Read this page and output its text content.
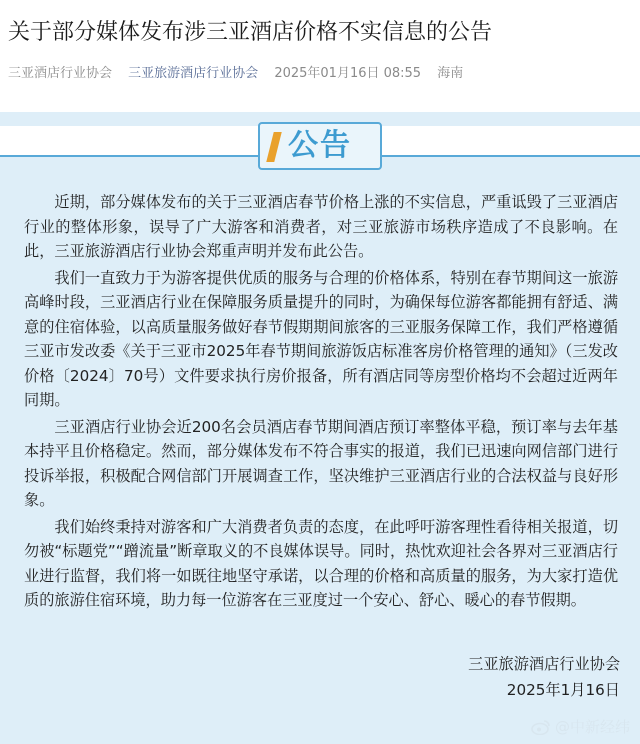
关于部分媒体发布涉三亚酒店价格不实信息的公告
三亚酒店行业协会 三亚旅游酒店行业协会 2025年01月16日 08:55 海南
公告

近期，部分媒体发布的关于三亚酒店春节价格上涨的不实信息，严重诋毁了三亚酒店行业的整体形象，误导了广大游客和消费者，对三亚旅游市场秩序造成了不良影响。在此，三亚旅游酒店行业协会郑重声明并发布此公告。

我们一直致力于为游客提供优质的服务与合理的价格体系，特别在春节期间这一旅游高峰时段，三亚酒店行业在保障服务质量提升的同时，为确保每位游客都能拥有舒适、满意的住宿体验，以高质量服务做好春节假期期间旅客的三亚服务保障工作，我们严格遵循三亚市发改委《关于三亚市2025年春节期间旅游饭店标准客房价格管理的通知》（三发改价格〔2024〕70号）文件要求执行房价报备，所有酒店同等房型价格均不会超过近两年同期。

三亚酒店行业协会近200名会员酒店春节期间酒店预订率整体平稳，预订率与去年基本持平且价格稳定。然而，部分媒体发布不符合事实的报道，我们已迅速向网信部门进行投诉举报，积极配合网信部门开展调查工作，坚决维护三亚酒店行业的合法权益与良好形象。

我们始终秉持对游客和广大消费者负责的态度，在此呼吁游客理性看待相关报道，切勿被“标题党”“蹭流量”断章取义的不良媒体误导。同时，热忱欢迎社会各界对三亚酒店行业进行监督，我们将一如既往地坚守承诺，以合理的价格和高质量的服务，为大家打造优质的旅游住宿环境，助力每一位游客在三亚度过一个安心、舒心、暖心的春节假期。

三亚旅游酒店行业协会
2025年1月16日
@中新经纬
